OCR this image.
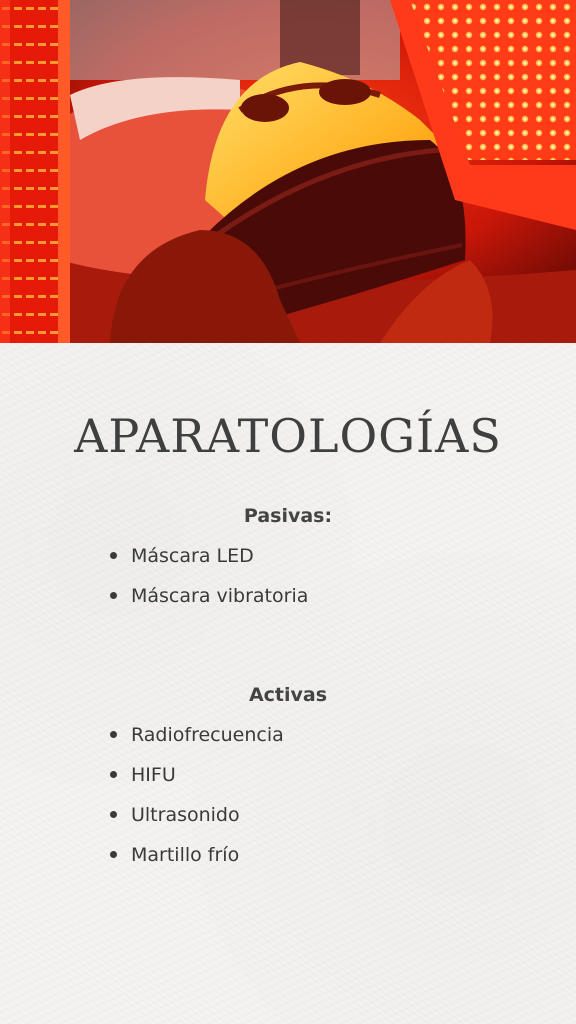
APARATOLOGÍAS
Pasivas:
Máscara LED
Máscara vibratoria
Activas
Radiofrecuencia
HIFU
Ultrasonido
Martillo frío
